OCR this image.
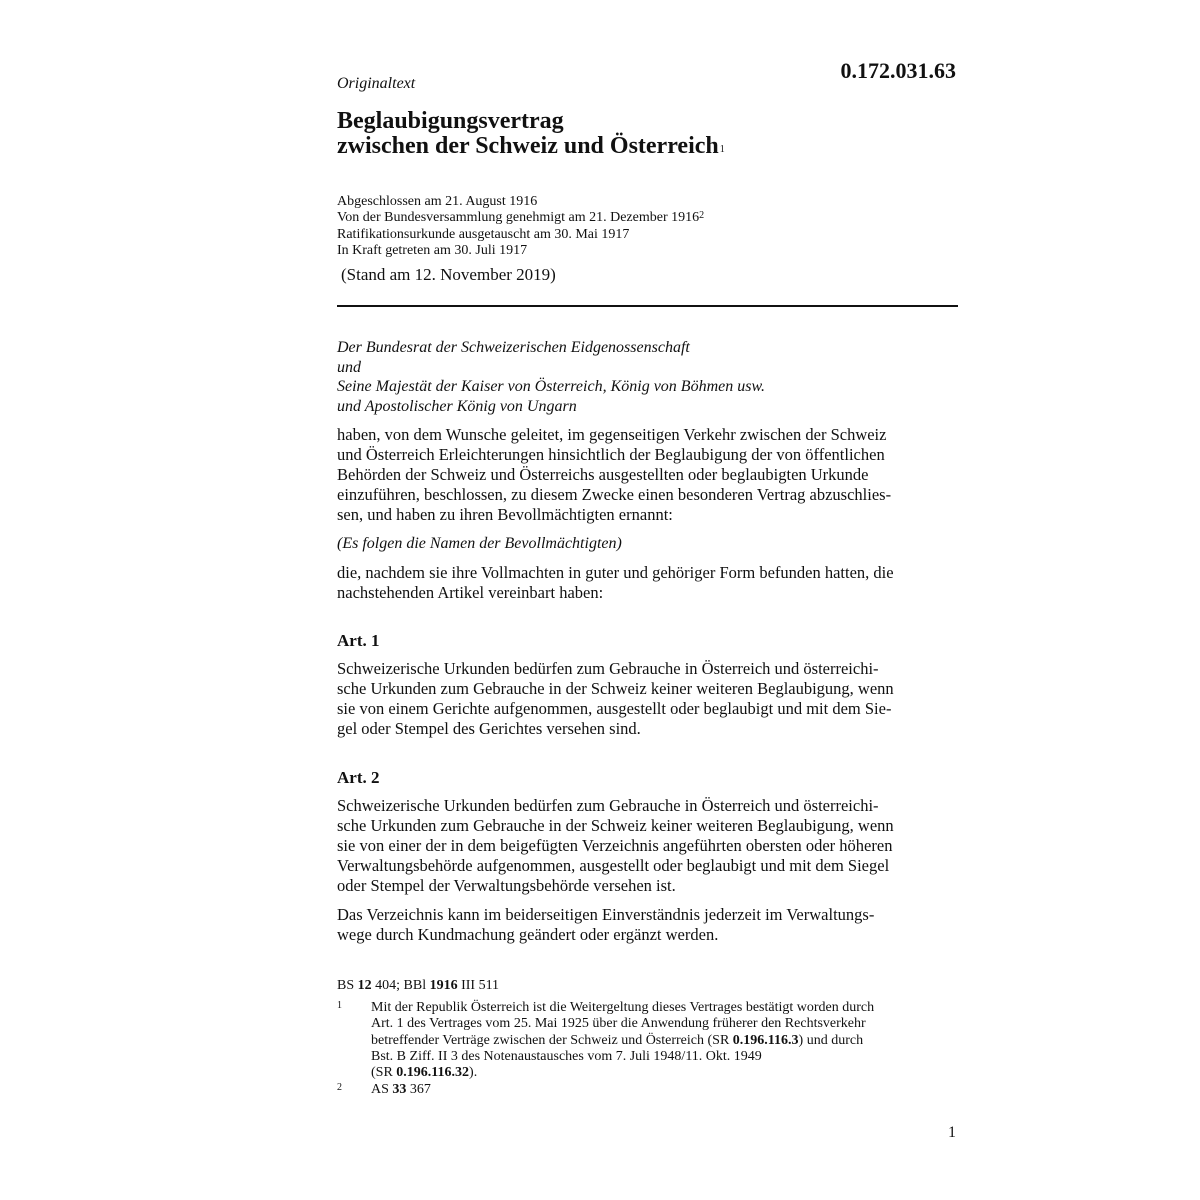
0.172.031.63
Originaltext
Beglaubigungsvertrag
zwischen der Schweiz und Österreich$^1$
Abgeschlossen am 21. August 1916
Von der Bundesversammlung genehmigt am 21. Dezember 1916$^2$
Ratifikationsurkunde ausgetauscht am 30. Mai 1917
In Kraft getreten am 30. Juli 1917
(Stand am 12. November 2019)
Der Bundesrat der Schweizerischen Eidgenossenschaft
und
Seine Majestät der Kaiser von Österreich, König von Böhmen usw.
und Apostolischer König von Ungarn
haben, von dem Wunsche geleitet, im gegenseitigen Verkehr zwischen der Schweiz
und Österreich Erleichterungen hinsichtlich der Beglaubigung der von öffentlichen
Behörden der Schweiz und Österreichs ausgestellten oder beglaubigten Urkunde
einzuführen, beschlossen, zu diesem Zwecke einen besonderen Vertrag abzuschlies-
sen, und haben zu ihren Bevollmächtigten ernannt:
(Es folgen die Namen der Bevollmächtigten)
die, nachdem sie ihre Vollmachten in guter und gehöriger Form befunden hatten, die
nachstehenden Artikel vereinbart haben:
Art. 1
Schweizerische Urkunden bedürfen zum Gebrauche in Österreich und österreichi-
sche Urkunden zum Gebrauche in der Schweiz keiner weiteren Beglaubigung, wenn
sie von einem Gerichte aufgenommen, ausgestellt oder beglaubigt und mit dem Sie-
gel oder Stempel des Gerichtes versehen sind.
Art. 2
Schweizerische Urkunden bedürfen zum Gebrauche in Österreich und österreichi-
sche Urkunden zum Gebrauche in der Schweiz keiner weiteren Beglaubigung, wenn
sie von einer der in dem beigefügten Verzeichnis angeführten obersten oder höheren
Verwaltungsbehörde aufgenommen, ausgestellt oder beglaubigt und mit dem Siegel
oder Stempel der Verwaltungsbehörde versehen ist.
Das Verzeichnis kann im beiderseitigen Einverständnis jederzeit im Verwaltungs-
wege durch Kundmachung geändert oder ergänzt werden.
BS 12 404; BBl 1916 III 511
1 Mit der Republik Österreich ist die Weitergeltung dieses Vertrages bestätigt worden durch
Art. 1 des Vertrages vom 25. Mai 1925 über die Anwendung früherer den Rechtsverkehr
betreffender Verträge zwischen der Schweiz und Österreich (SR 0.196.116.3) und durch
Bst. B Ziff. II 3 des Notenaustausches vom 7. Juli 1948/11. Okt. 1949
(SR 0.196.116.32).
2 AS 33 367
1
